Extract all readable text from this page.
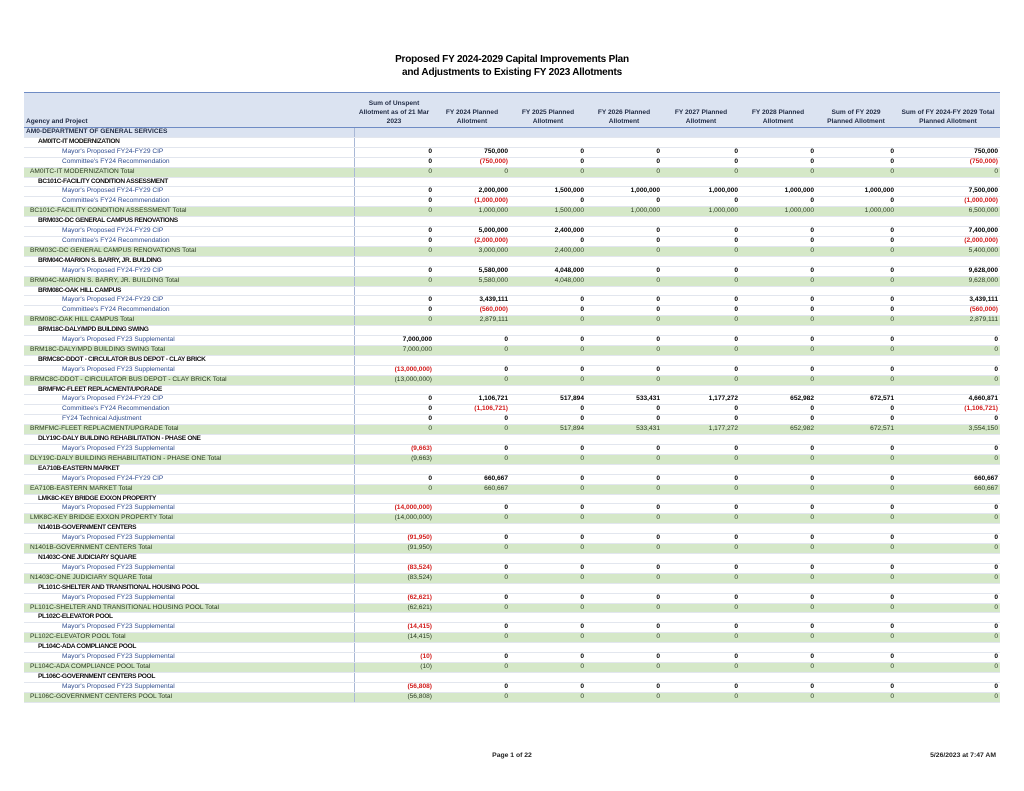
Proposed FY 2024-2029 Capital Improvements Plan
and Adjustments to Existing FY 2023 Allotments
Agency and Project	Sum of Unspent Allotment as of 21 Mar 2023	FY 2024 Planned Allotment	FY 2025 Planned Allotment	FY 2026 Planned Allotment	FY 2027 Planned Allotment	FY 2028 Planned Allotment	Sum of FY 2029 Planned Allotment	Sum of FY 2024-FY 2029 Total Planned Allotment
AM0-DEPARTMENT OF GENERAL SERVICES								
AM0ITC-IT MODERNIZATION								
Mayor's Proposed FY24-FY29 CIP	0	750,000	0	0	0	0	0	750,000
Committee's FY24 Recommendation	0	(750,000)	0	0	0	0	0	(750,000)
AM0ITC-IT MODERNIZATION Total	0	0	0	0	0	0	0	0
BC101C-FACILITY CONDITION ASSESSMENT								
Mayor's Proposed FY24-FY29 CIP	0	2,000,000	1,500,000	1,000,000	1,000,000	1,000,000	1,000,000	7,500,000
Committee's FY24 Recommendation	0	(1,000,000)	0	0	0	0	0	(1,000,000)
BC101C-FACILITY CONDITION ASSESSMENT Total	0	1,000,000	1,500,000	1,000,000	1,000,000	1,000,000	1,000,000	6,500,000
BRM03C-DC GENERAL CAMPUS RENOVATIONS								
Mayor's Proposed FY24-FY29 CIP	0	5,000,000	2,400,000	0	0	0	0	7,400,000
Committee's FY24 Recommendation	0	(2,000,000)	0	0	0	0	0	(2,000,000)
BRM03C-DC GENERAL CAMPUS RENOVATIONS Total	0	3,000,000	2,400,000	0	0	0	0	5,400,000
BRM04C-MARION S. BARRY, JR. BUILDING								
Mayor's Proposed FY24-FY29 CIP	0	5,580,000	4,048,000	0	0	0	0	9,628,000
BRM04C-MARION S. BARRY, JR. BUILDING Total	0	5,580,000	4,048,000	0	0	0	0	9,628,000
BRM08C-OAK HILL CAMPUS								
Mayor's Proposed FY24-FY29 CIP	0	3,439,111	0	0	0	0	0	3,439,111
Committee's FY24 Recommendation	0	(560,000)	0	0	0	0	0	(560,000)
BRM08C-OAK HILL CAMPUS Total	0	2,879,111	0	0	0	0	0	2,879,111
BRM18C-DALY/MPD BUILDING SWING								
Mayor's Proposed FY23 Supplemental	7,000,000	0	0	0	0	0	0	0
BRM18C-DALY/MPD BUILDING SWING Total	7,000,000	0	0	0	0	0	0	0
BRMC8C-DDOT - CIRCULATOR BUS DEPOT - CLAY BRICK								
Mayor's Proposed FY23 Supplemental	(13,000,000)	0	0	0	0	0	0	0
BRMC8C-DDOT - CIRCULATOR BUS DEPOT - CLAY BRICK Total	(13,000,000)	0	0	0	0	0	0	0
BRMFMC-FLEET REPLACMENT/UPGRADE								
Mayor's Proposed FY24-FY29 CIP	0	1,106,721	517,894	533,431	1,177,272	652,982	672,571	4,660,871
Committee's FY24 Recommendation	0	(1,106,721)	0	0	0	0	0	(1,106,721)
FY24 Technical Adjustment	0	0	0	0	0	0	0	0
BRMFMC-FLEET REPLACMENT/UPGRADE Total	0	0	517,894	533,431	1,177,272	652,982	672,571	3,554,150
DLY19C-DALY BUILDING REHABILITATION - PHASE ONE								
Mayor's Proposed FY23 Supplemental	(9,663)	0	0	0	0	0	0	0
DLY19C-DALY BUILDING REHABILITATION - PHASE ONE Total	(9,663)	0	0	0	0	0	0	0
EA710B-EASTERN MARKET								
Mayor's Proposed FY24-FY29 CIP	0	660,667	0	0	0	0	0	660,667
EA710B-EASTERN MARKET Total	0	660,667	0	0	0	0	0	660,667
LMK8C-KEY BRIDGE EXXON PROPERTY								
Mayor's Proposed FY23 Supplemental	(14,000,000)	0	0	0	0	0	0	0
LMK8C-KEY BRIDGE EXXON PROPERTY Total	(14,000,000)	0	0	0	0	0	0	0
N1401B-GOVERNMENT CENTERS								
Mayor's Proposed FY23 Supplemental	(91,950)	0	0	0	0	0	0	0
N1401B-GOVERNMENT CENTERS Total	(91,950)	0	0	0	0	0	0	0
N1403C-ONE JUDICIARY SQUARE								
Mayor's Proposed FY23 Supplemental	(83,524)	0	0	0	0	0	0	0
N1403C-ONE JUDICIARY SQUARE Total	(83,524)	0	0	0	0	0	0	0
PL101C-SHELTER AND TRANSITIONAL HOUSING POOL								
Mayor's Proposed FY23 Supplemental	(62,621)	0	0	0	0	0	0	0
PL101C-SHELTER AND TRANSITIONAL HOUSING POOL Total	(62,621)	0	0	0	0	0	0	0
PL102C-ELEVATOR POOL								
Mayor's Proposed FY23 Supplemental	(14,415)	0	0	0	0	0	0	0
PL102C-ELEVATOR POOL Total	(14,415)	0	0	0	0	0	0	0
PL104C-ADA COMPLIANCE POOL								
Mayor's Proposed FY23 Supplemental	(10)	0	0	0	0	0	0	0
PL104C-ADA COMPLIANCE POOL Total	(10)	0	0	0	0	0	0	0
PL106C-GOVERNMENT CENTERS POOL								
Mayor's Proposed FY23 Supplemental	(56,808)	0	0	0	0	0	0	0
PL106C-GOVERNMENT CENTERS POOL Total	(56,808)	0	0	0	0	0	0	0
Page 1 of 22	5/26/2023 at 7:47 AM
